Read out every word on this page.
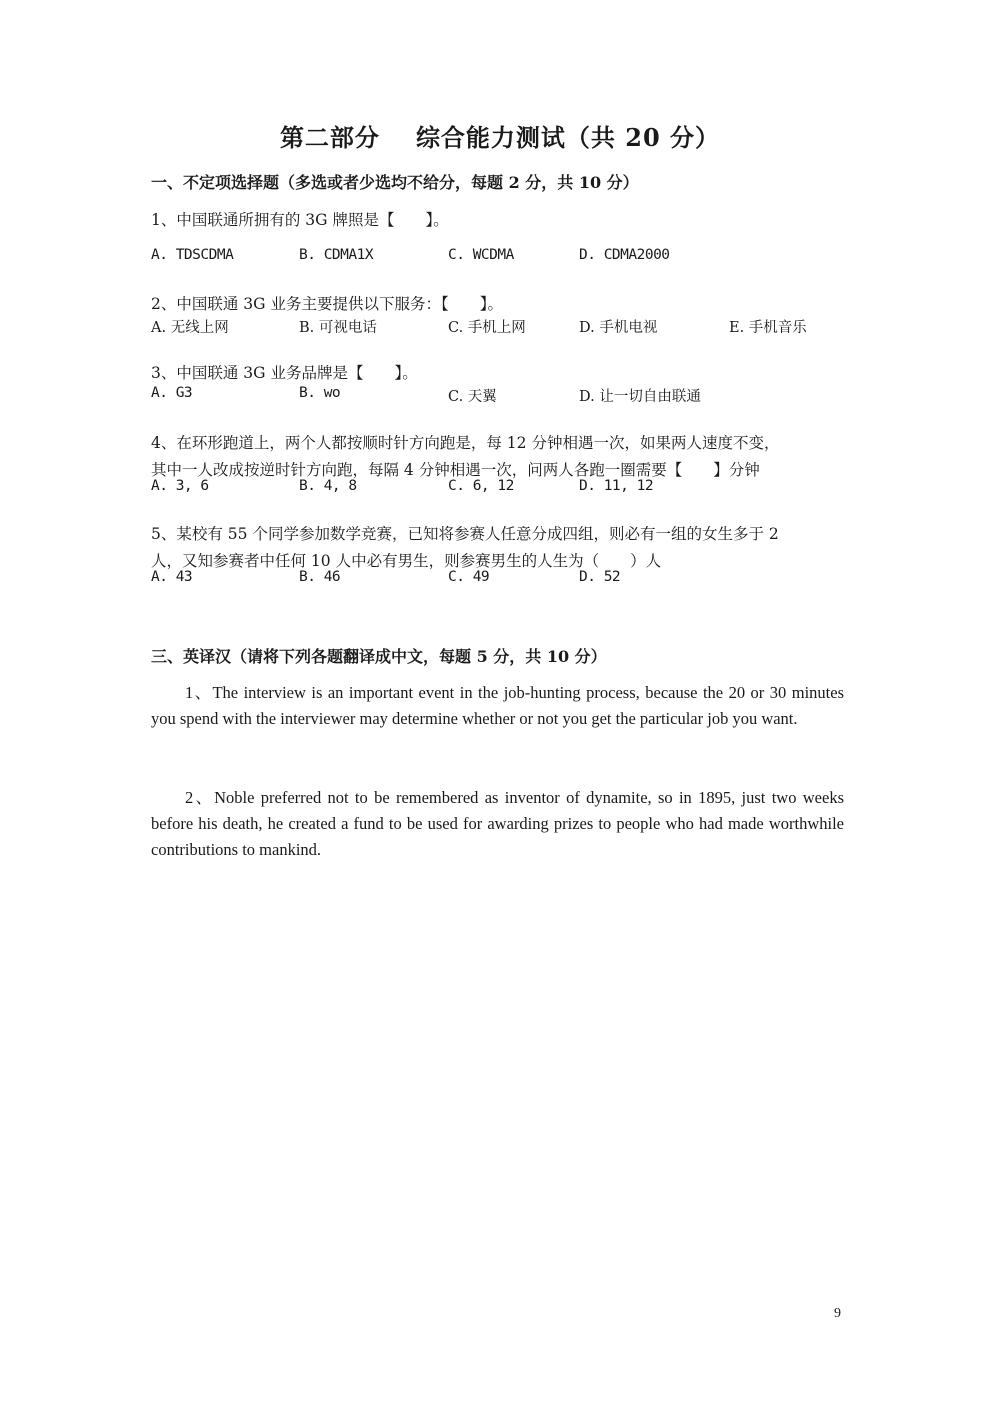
第二部分 综合能力测试（共 20 分）
一、不定项选择题（多选或者少选均不给分，每题 2 分，共 10 分）
1、中国联通所拥有的 3G 牌照是【　　】。
A. TDSCDMA	B. CDMA1X	C. WCDMA	D. CDMA2000
2、中国联通 3G 业务主要提供以下服务：【　　】。
A. 无线上网	B. 可视电话	C. 手机上网	D. 手机电视	E. 手机音乐
3、中国联通 3G 业务品牌是【　　】。
A. G3	B. wo	C. 天翼	D. 让一切自由联通
4、在环形跑道上，两个人都按顺时针方向跑是，每 12 分钟相遇一次，如果两人速度不变，
其中一人改成按逆时针方向跑，每隔 4 分钟相遇一次，问两人各跑一圈需要【　　】分钟
A. 3, 6	B. 4, 8	C. 6, 12	D. 11, 12
5、某校有 55 个同学参加数学竞赛，已知将参赛人任意分成四组，则必有一组的女生多于 2
人，又知参赛者中任何 10 人中必有男生，则参赛男生的人生为（　　）人
A. 43	B. 46	C. 49	D. 52
三、英译汉（请将下列各题翻译成中文，每题 5 分，共 10 分）
1、The interview is an important event in the job-hunting process, because the 20 or 30 minutes you spend with the interviewer may determine whether or not you get the particular job you want.
2、Noble preferred not to be remembered as inventor of dynamite, so in 1895, just two weeks before his death, he created a fund to be used for awarding prizes to people who had made worthwhile contributions to mankind.
9
